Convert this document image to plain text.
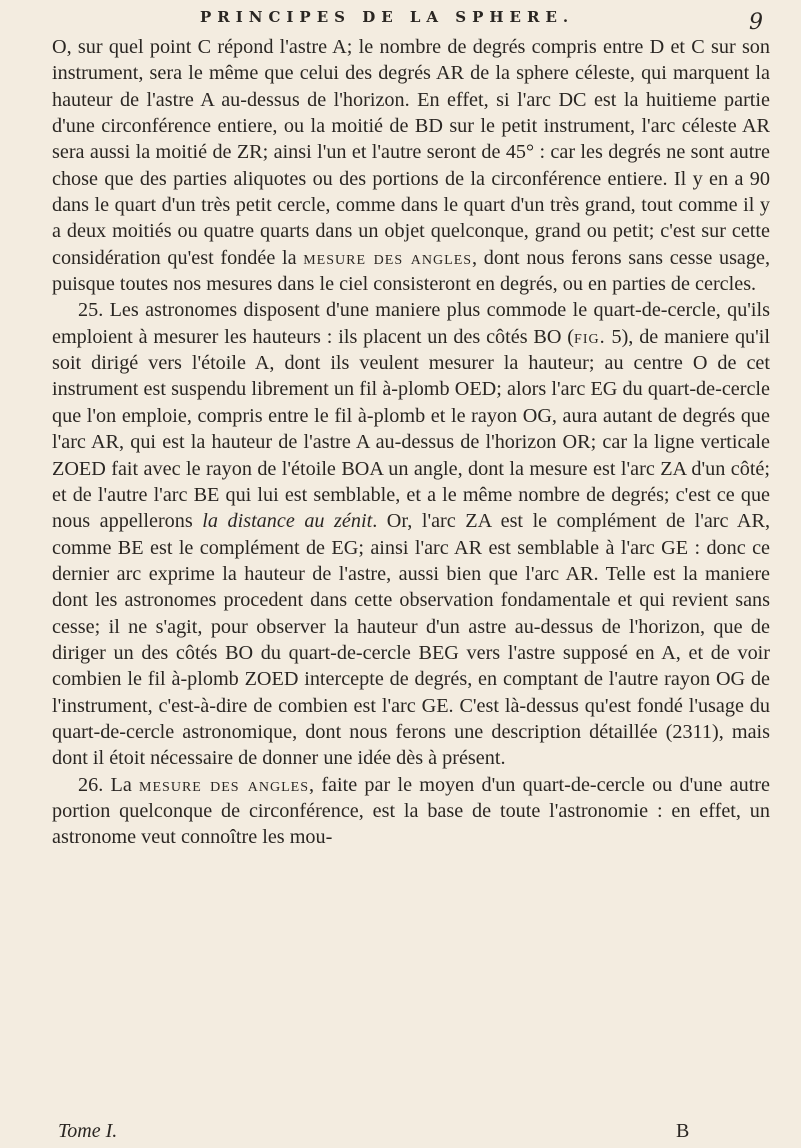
PRINCIPES DE LA SPHERE.	9

O, sur quel point C répond l'astre A; le nombre de degrés compris entre D et C sur son instrument, sera le même que celui des degrés AR de la sphere céleste, qui marquent la hauteur de l'astre A au-dessus de l'horizon. En effet, si l'arc DC est la huitieme partie d'une circonférence entiere, ou la moitié de BD sur le petit instrument, l'arc céleste AR sera aussi la moitié de ZR; ainsi l'un et l'autre seront de 45° : car les degrés ne sont autre chose que des parties aliquotes ou des portions de la circonférence entiere. Il y en a 90 dans le quart d'un très petit cercle, comme dans le quart d'un très grand, tout comme il y a deux moitiés ou quatre quarts dans un objet quelconque, grand ou petit; c'est sur cette considération qu'est fondée la mesure des angles, dont nous ferons sans cesse usage, puisque toutes nos mesures dans le ciel consisteront en degrés, ou en parties de cercles.

25. Les astronomes disposent d'une maniere plus commode le quart-de-cercle, qu'ils emploient à mesurer les hauteurs : ils placent un des côtés BO (fig. 5), de maniere qu'il soit dirigé vers l'étoile A, dont ils veulent mesurer la hauteur; au centre O de cet instrument est suspendu librement un fil à-plomb OED; alors l'arc EG du quart-de-cercle que l'on emploie, compris entre le fil à-plomb et le rayon OG, aura autant de degrés que l'arc AR, qui est la hauteur de l'astre A au-dessus de l'horizon OR; car la ligne verticale ZOED fait avec le rayon de l'étoile BOA un angle, dont la mesure est l'arc ZA d'un côté; et de l'autre l'arc BE qui lui est semblable, et a le même nombre de degrés; c'est ce que nous appellerons la distance au zénit. Or, l'arc ZA est le complément de l'arc AR, comme BE est le complément de EG; ainsi l'arc AR est semblable à l'arc GE : donc ce dernier arc exprime la hauteur de l'astre, aussi bien que l'arc AR. Telle est la maniere dont les astronomes procedent dans cette observation fondamentale et qui revient sans cesse; il ne s'agit, pour observer la hauteur d'un astre au-dessus de l'horizon, que de diriger un des côtés BO du quart-de-cercle BEG vers l'astre supposé en A, et de voir combien le fil à-plomb ZOED intercepte de degrés, en comptant de l'autre rayon OG de l'instrument, c'est-à-dire de combien est l'arc GE. C'est là-dessus qu'est fondé l'usage du quart-de-cercle astronomique, dont nous ferons une description détaillée (2311), mais dont il étoit nécessaire de donner une idée dès à présent.

26. La mesure des angles, faite par le moyen d'un quart-de-cercle ou d'une autre portion quelconque de circonférence, est la base de toute l'astronomie : en effet, un astronome veut connoître les mou-

Tome I.	B
